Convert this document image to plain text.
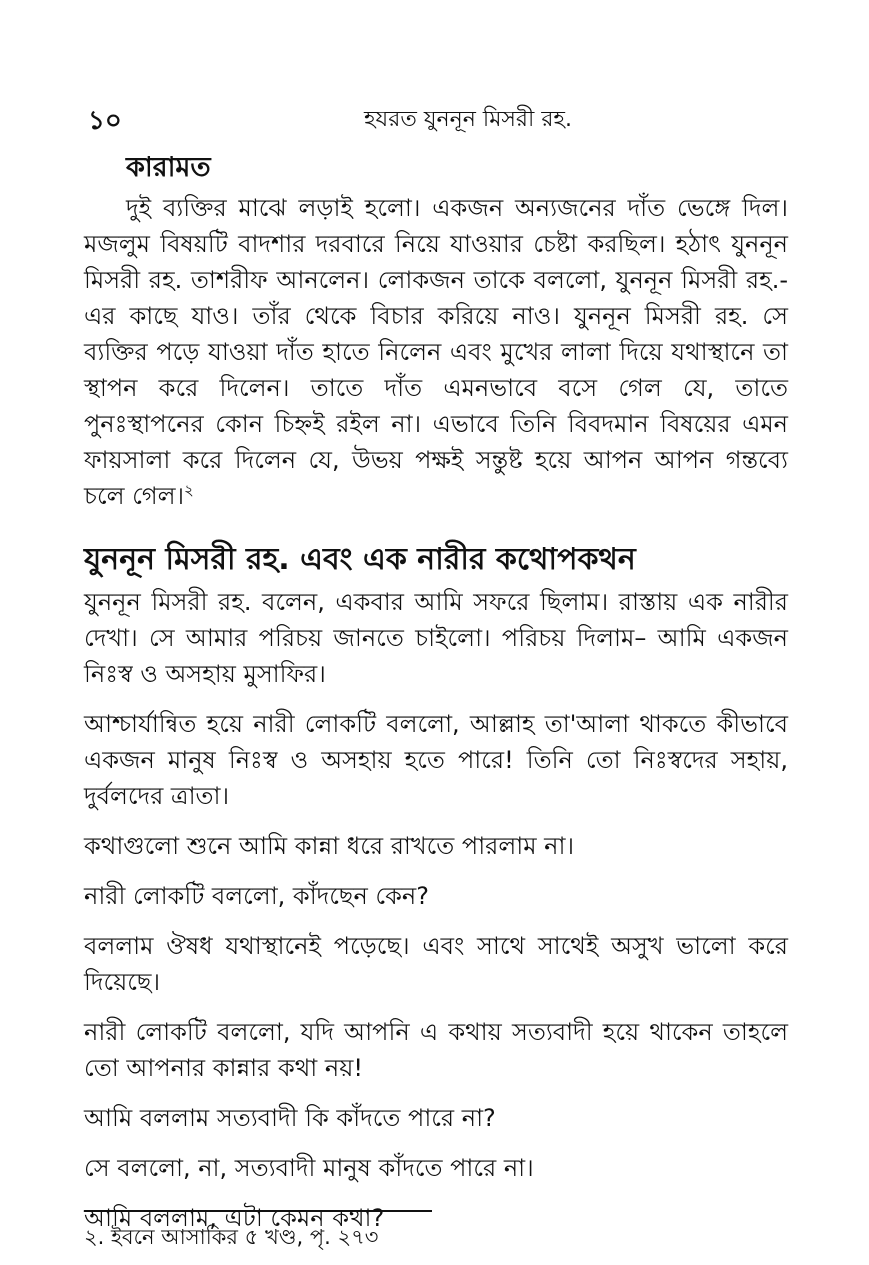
১০	হযরত যুননূন মিসরী রহ.
কারামত

দুই ব্যক্তির মাঝে লড়াই হলো। একজন অন্যজনের দাঁত ভেঙ্গে দিল। মজলুম বিষয়টি বাদশার দরবারে নিয়ে যাওয়ার চেষ্টা করছিল। হঠাৎ যুননূন মিসরী রহ. তাশরীফ আনলেন। লোকজন তাকে বললো, যুননূন মিসরী রহ.-এর কাছে যাও। তাঁর থেকে বিচার করিয়ে নাও। যুননূন মিসরী রহ. সে ব্যক্তির পড়ে যাওয়া দাঁত হাতে নিলেন এবং মুখের লালা দিয়ে যথাস্থানে তা স্থাপন করে দিলেন। তাতে দাঁত এমনভাবে বসে গেল যে, তাতে পুনঃস্থাপনের কোন চিহ্নই রইল না। এভাবে তিনি বিবদমান বিষয়ের এমন ফায়সালা করে দিলেন যে, উভয় পক্ষই সন্তুষ্ট হয়ে আপন আপন গন্তব্যে চলে গেল।$^২$

যুননূন মিসরী রহ. এবং এক নারীর কথোপকথন

যুননূন মিসরী রহ. বলেন, একবার আমি সফরে ছিলাম। রাস্তায় এক নারীর দেখা। সে আমার পরিচয় জানতে চাইলো। পরিচয় দিলাম– আমি একজন নিঃস্ব ও অসহায় মুসাফির।

আশ্চার্যান্বিত হয়ে নারী লোকটি বললো, আল্লাহ তা'আলা থাকতে কীভাবে একজন মানুষ নিঃস্ব ও অসহায় হতে পারে! তিনি তো নিঃস্বদের সহায়, দুর্বলদের ত্রাতা।

কথাগুলো শুনে আমি কান্না ধরে রাখতে পারলাম না।

নারী লোকটি বললো, কাঁদছেন কেন?

বললাম ঔষধ যথাস্থানেই পড়েছে। এবং সাথে সাথেই অসুখ ভালো করে দিয়েছে।

নারী লোকটি বললো, যদি আপনি এ কথায় সত্যবাদী হয়ে থাকেন তাহলে তো আপনার কান্নার কথা নয়!

আমি বললাম সত্যবাদী কি কাঁদতে পারে না?

সে বললো, না, সত্যবাদী মানুষ কাঁদতে পারে না।

আমি বললাম, এটা কেমন কথা?

২. ইবনে আসাকির ৫ খণ্ড, পৃ. ২৭৩
